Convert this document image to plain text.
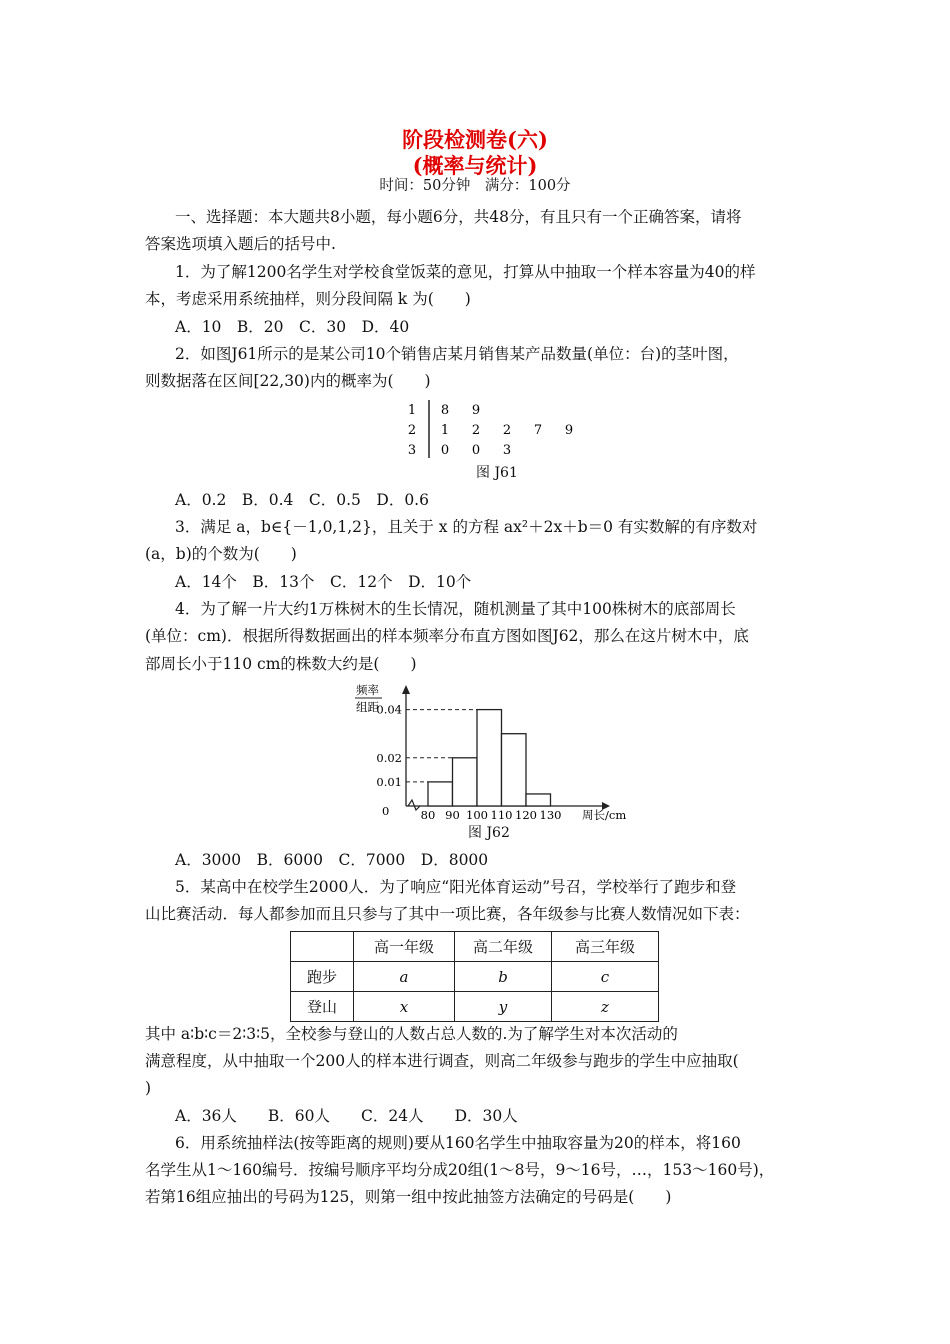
阶段检测卷(六)
(概率与统计)
时间：50分钟　满分：100分
一、选择题：本大题共8小题，每小题6分，共48分，有且只有一个正确答案，请将
答案选项填入题后的括号中.
1．为了解1200名学生对学校食堂饭菜的意见，打算从中抽取一个样本容量为40的样
本，考虑采用系统抽样，则分段间隔 k 为(　　)
A．10　B．20　C．30　D．40
2．如图J61所示的是某公司10个销售店某月销售某产品数量(单位：台)的茎叶图，
则数据落在区间[22,30)内的概率为(　　)
1 8 9
2 1 2 2 7 9
3 0 0 3
图 J61
A．0.2　B．0.4　C．0.5　D．0.6
3．满足 a，b∈{－1,0,1,2}，且关于 x 的方程 ax²＋2x＋b＝0 有实数解的有序数对
(a，b)的个数为(　　)
A．14个　B．13个　C．12个　D．10个
4．为了解一片大约1万株树木的生长情况，随机测量了其中100株树木的底部周长
(单位：cm)．根据所得数据画出的样本频率分布直方图如图J62，那么在这片树木中，底
部周长小于110 cm的株数大约是(　　)
0.01
0.02
0.04
80 90 100 110 120 130
0
频率
组距
周长/cm
图 J62
A．3000　B．6000　C．7000　D．8000
5．某高中在校学生2000人．为了响应“阳光体育运动”号召，学校举行了跑步和登
山比赛活动．每人都参加而且只参与了其中一项比赛，各年级参与比赛人数情况如下表：
	高一年级	高二年级	高三年级
跑步	a	b	c
登山	x	y	z
其中 a∶b∶c＝2∶3∶5，全校参与登山的人数占总人数的.为了解学生对本次活动的
满意程度，从中抽取一个200人的样本进行调查，则高二年级参与跑步的学生中应抽取(
)
A．36人　　B．60人　　C．24人　　D．30人
6．用系统抽样法(按等距离的规则)要从160名学生中抽取容量为20的样本，将160
名学生从1～160编号．按编号顺序平均分成20组(1～8号，9～16号，…，153～160号)，
若第16组应抽出的号码为125，则第一组中按此抽签方法确定的号码是(　　)
